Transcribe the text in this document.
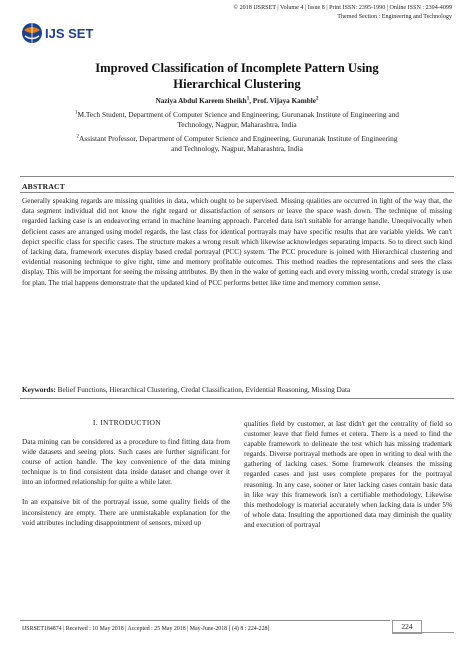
IJS SET
© 2018 IJSRSET | Volume 4 | Issue 8 | Print ISSN: 2395-1990 | Online ISSN : 2394-4099
Themed Section : Engineering and Technology
Improved Classification of Incomplete Pattern Using
Hierarchical Clustering
Naziya Abdul Kareem Sheikh$^1$, Prof. Vijaya Kamble$^2$
$^1$M.Tech Student, Department of Computer Science and Engineering, Gurunanak Institute of Engineering and
Technology, Nagpur, Maharashtra, India
$^2$Assistant Professor, Department of Computer Science and Engineering, Gurunanak Institute of Engineering
and Technology, Nagpur, Maharashtra, India
ABSTRACT
Generally speaking regards are missing qualities in data, which ought to be supervised. Missing qualities are occurred in light of the way that, the data segment individual did not know the right regard or dissatisfaction of sensors or leave the space wash down. The technique of missing regarded lacking case is an endeavoring errand in machine learning approach. Parceled data isn't suitable for arrange handle. Unequivocally when deficient cases are arranged using model regards, the last class for identical portrayals may have specific results that are variable yields. We can't depict specific class for specific cases. The structure makes a wrong result which likewise acknowledges separating impacts. So to direct such kind of lacking data, framework executes display based credal portrayal (PCC) system. The PCC procedure is joined with Hierarchical clustering and evidential reasoning technique to give right, time and memory profitable outcomes. This method readies the representations and sees the class display. This will be important for seeing the missing attributes. By then in the wake of getting each and every missing worth, credal strategy is use for plan. The trial happens demonstrate that the updated kind of PCC performs better like time and memory common sense.
Keywords: Belief Functions, Hierarchical Clustering, Credal Classification, Evidential Reasoning, Missing Data
I. INTRODUCTION

Data mining can be considered as a procedure to find fitting data from wide datasets and seeing plots. Such cases are further significant for course of action handle. The key convenience of the data mining technique is to find consistent data inside dataset and change over it into an informed relationship for quite a while later.

In an expansive bit of the portrayal issue, some quality fields of the inconsistency are empty. There are unmistakable explanation for the void attributes including disappointment of sensors, mixed up

qualities field by customer, at last didn't get the centrality of field so customer leave that field fumes et cetera. There is a need to find the capable framework to delineate the test which has missing trademark regards. Diverse portrayal methods are open in writing to deal with the gathering of lacking cases. Some framework cleanses the missing regarded cases and just uses complete prepares for the portrayal reasoning. In any case, sooner or later lacking cases contain basic data in like way this framework isn't a certifiable methodology. Likewise this methodology is material accurately when lacking data is under 5% of whole data. Insulting the apportioned data may diminish the quality and execution of portrayal

IJSRSET184874 | Received : 10 May 2018 | Accepted : 25 May 2018 | May-June-2018 [ (4) 8 : 224-228]	224
